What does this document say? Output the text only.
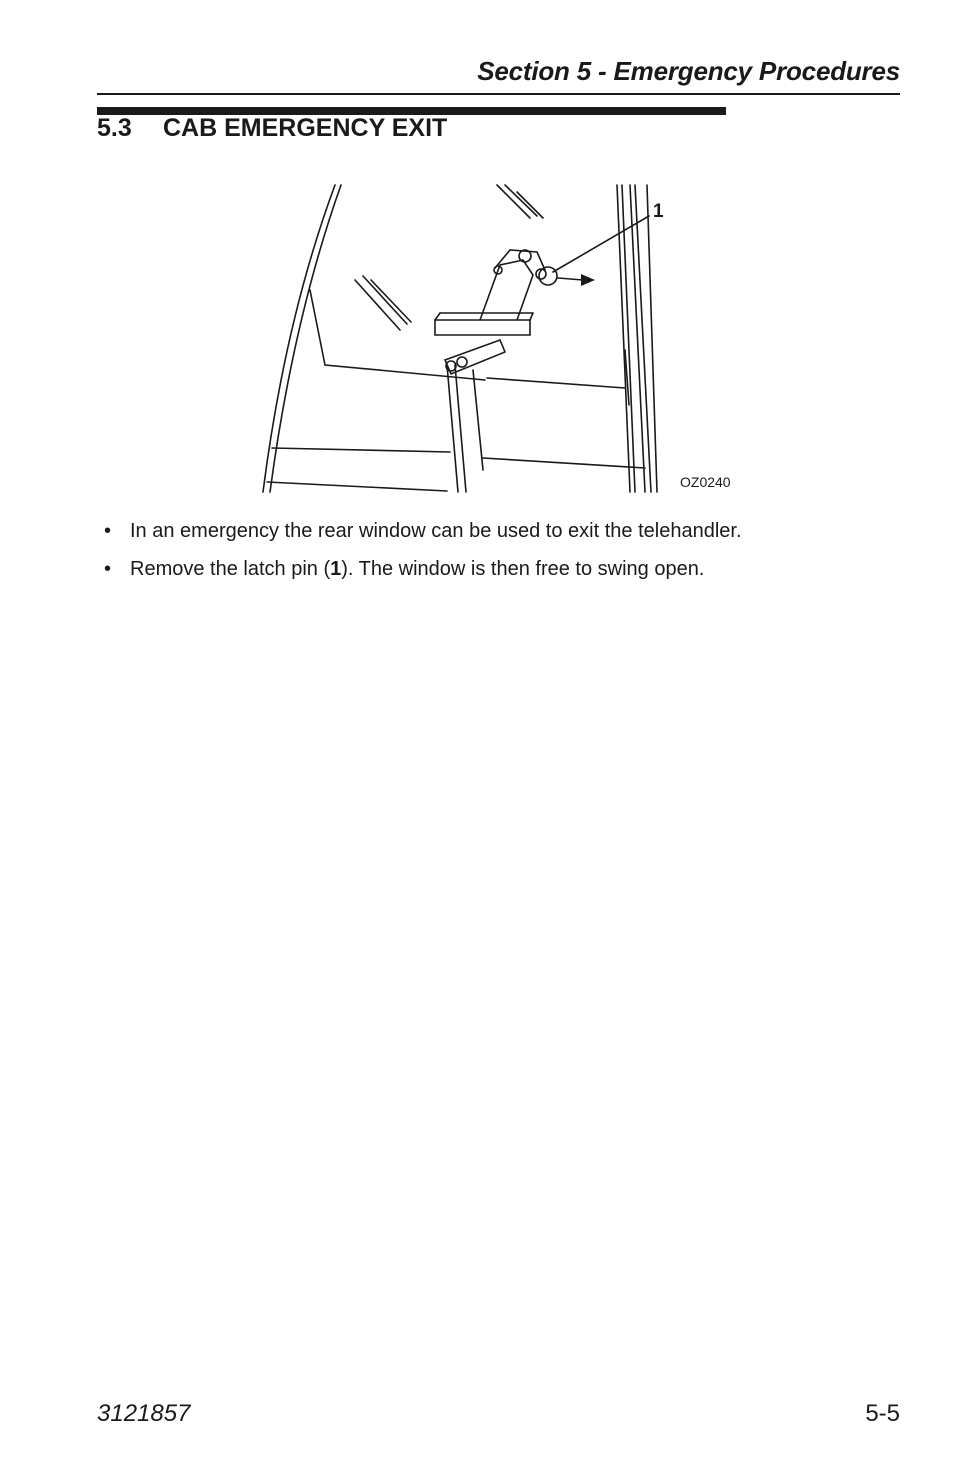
Section 5 - Emergency Procedures
5.3 CAB EMERGENCY EXIT
1
OZ0240
• In an emergency the rear window can be used to exit the telehandler.
• Remove the latch pin (1). The window is then free to swing open.
3121857	5-5
